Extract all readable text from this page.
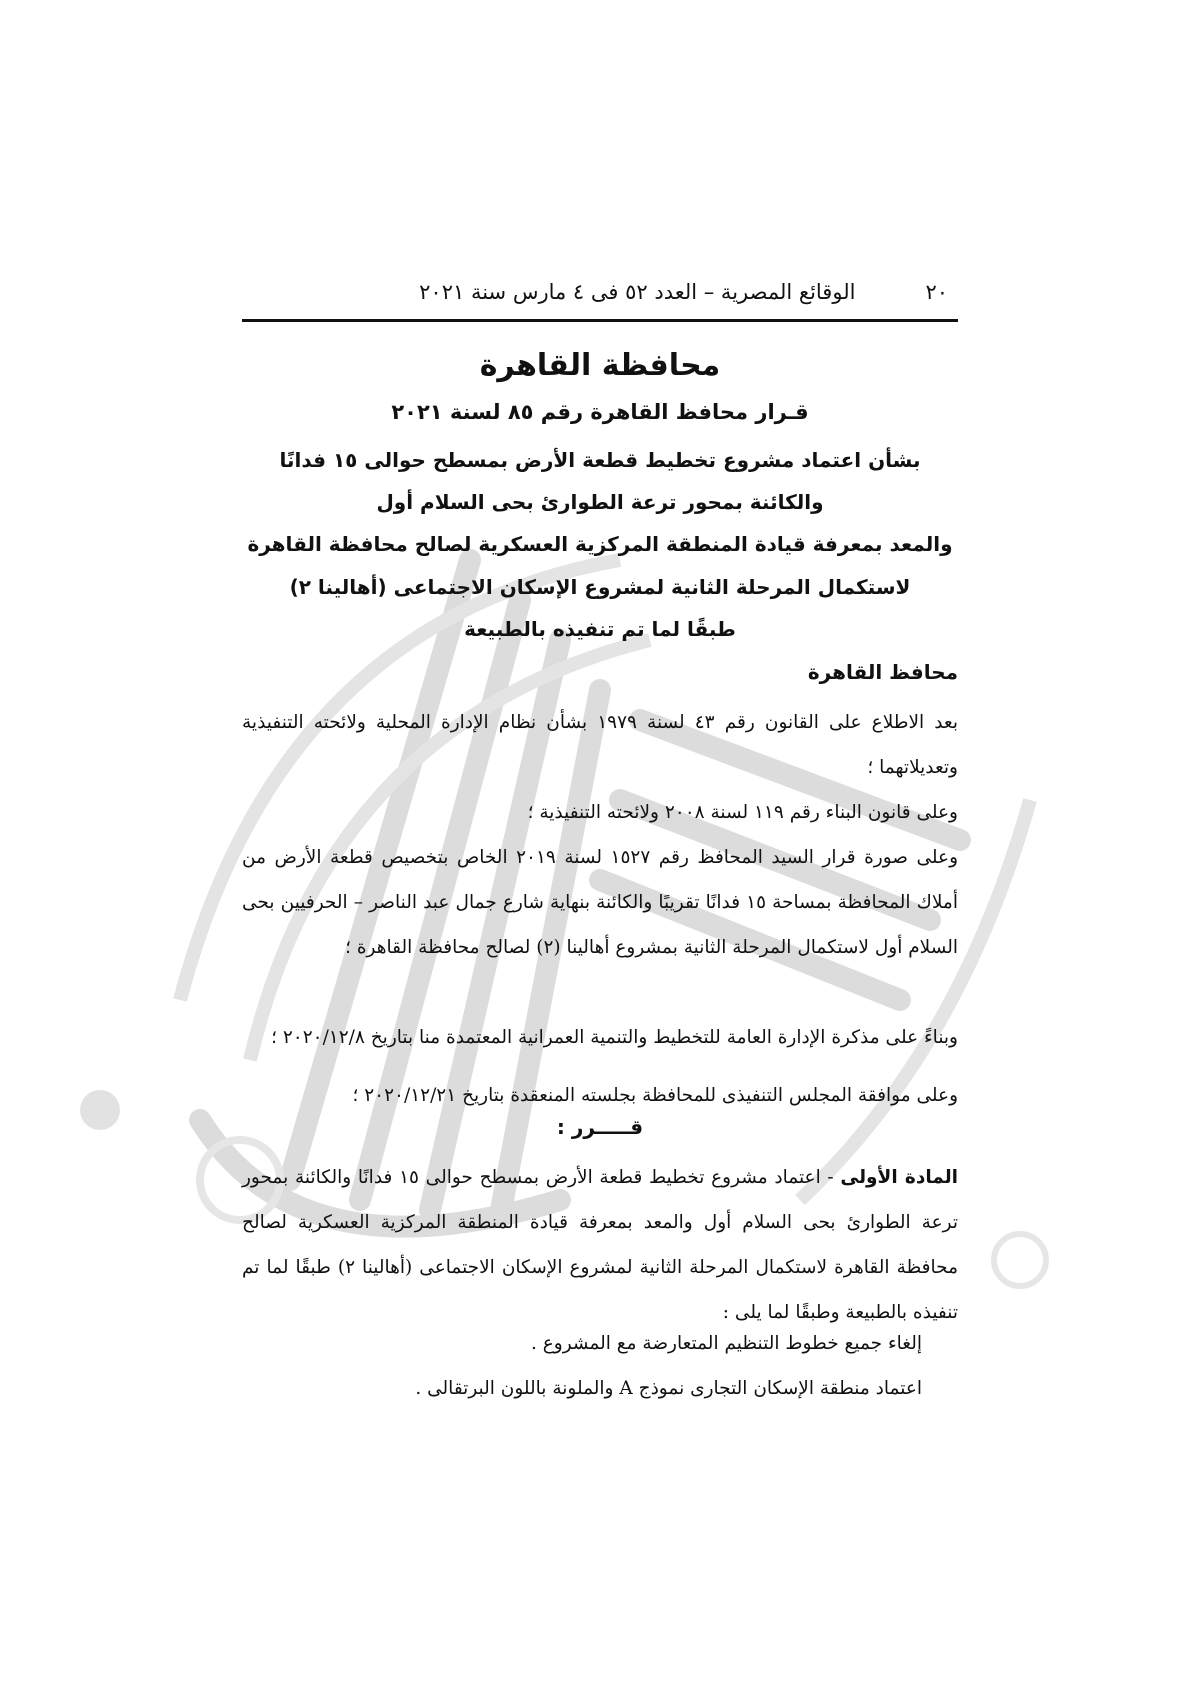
٢٠
الوقائع المصرية – العدد ٥٢ فى ٤ مارس سنة ٢٠٢١
محافظة القاهرة
قـرار محافظ القاهرة رقم ٨٥ لسنة ٢٠٢١
بشأن اعتماد مشروع تخطيط قطعة الأرض بمسطح حوالى ١٥ فدانًا
والكائنة بمحور ترعة الطوارئ بحى السلام أول
والمعد بمعرفة قيادة المنطقة المركزية العسكرية لصالح محافظة القاهرة
لاستكمال المرحلة الثانية لمشروع الإسكان الاجتماعى (أهالينا ٢)
طبقًا لما تم تنفيذه بالطبيعة
محافظ القاهرة
بعد الاطلاع على القانون رقم ٤٣ لسنة ١٩٧٩ بشأن نظام الإدارة المحلية ولائحته التنفيذية وتعديلاتهما ؛
وعلى قانون البناء رقم ١١٩ لسنة ٢٠٠٨ ولائحته التنفيذية ؛
وعلى صورة قرار السيد المحافظ رقم ١٥٢٧ لسنة ٢٠١٩ الخاص بتخصيص قطعة الأرض من أملاك المحافظة بمساحة ١٥ فدانًا تقريبًا والكائنة بنهاية شارع جمال عبد الناصر – الحرفيين بحى السلام أول لاستكمال المرحلة الثانية بمشروع أهالينا (٢) لصالح محافظة القاهرة ؛
وبناءً على مذكرة الإدارة العامة للتخطيط والتنمية العمرانية المعتمدة منا بتاريخ ٢٠٢٠/١٢/٨ ؛
وعلى موافقة المجلس التنفيذى للمحافظة بجلسته المنعقدة بتاريخ ٢٠٢٠/١٢/٢١ ؛
قـــــرر :
المادة الأولى - اعتماد مشروع تخطيط قطعة الأرض بمسطح حوالى ١٥ فدانًا والكائنة بمحور ترعة الطوارئ بحى السلام أول والمعد بمعرفة قيادة المنطقة المركزية العسكرية لصالح محافظة القاهرة لاستكمال المرحلة الثانية لمشروع الإسكان الاجتماعى (أهالينا ٢) طبقًا لما تم تنفيذه بالطبيعة وطبقًا لما يلى :
إلغاء جميع خطوط التنظيم المتعارضة مع المشروع .
اعتماد منطقة الإسكان التجارى نموذج A والملونة باللون البرتقالى .
